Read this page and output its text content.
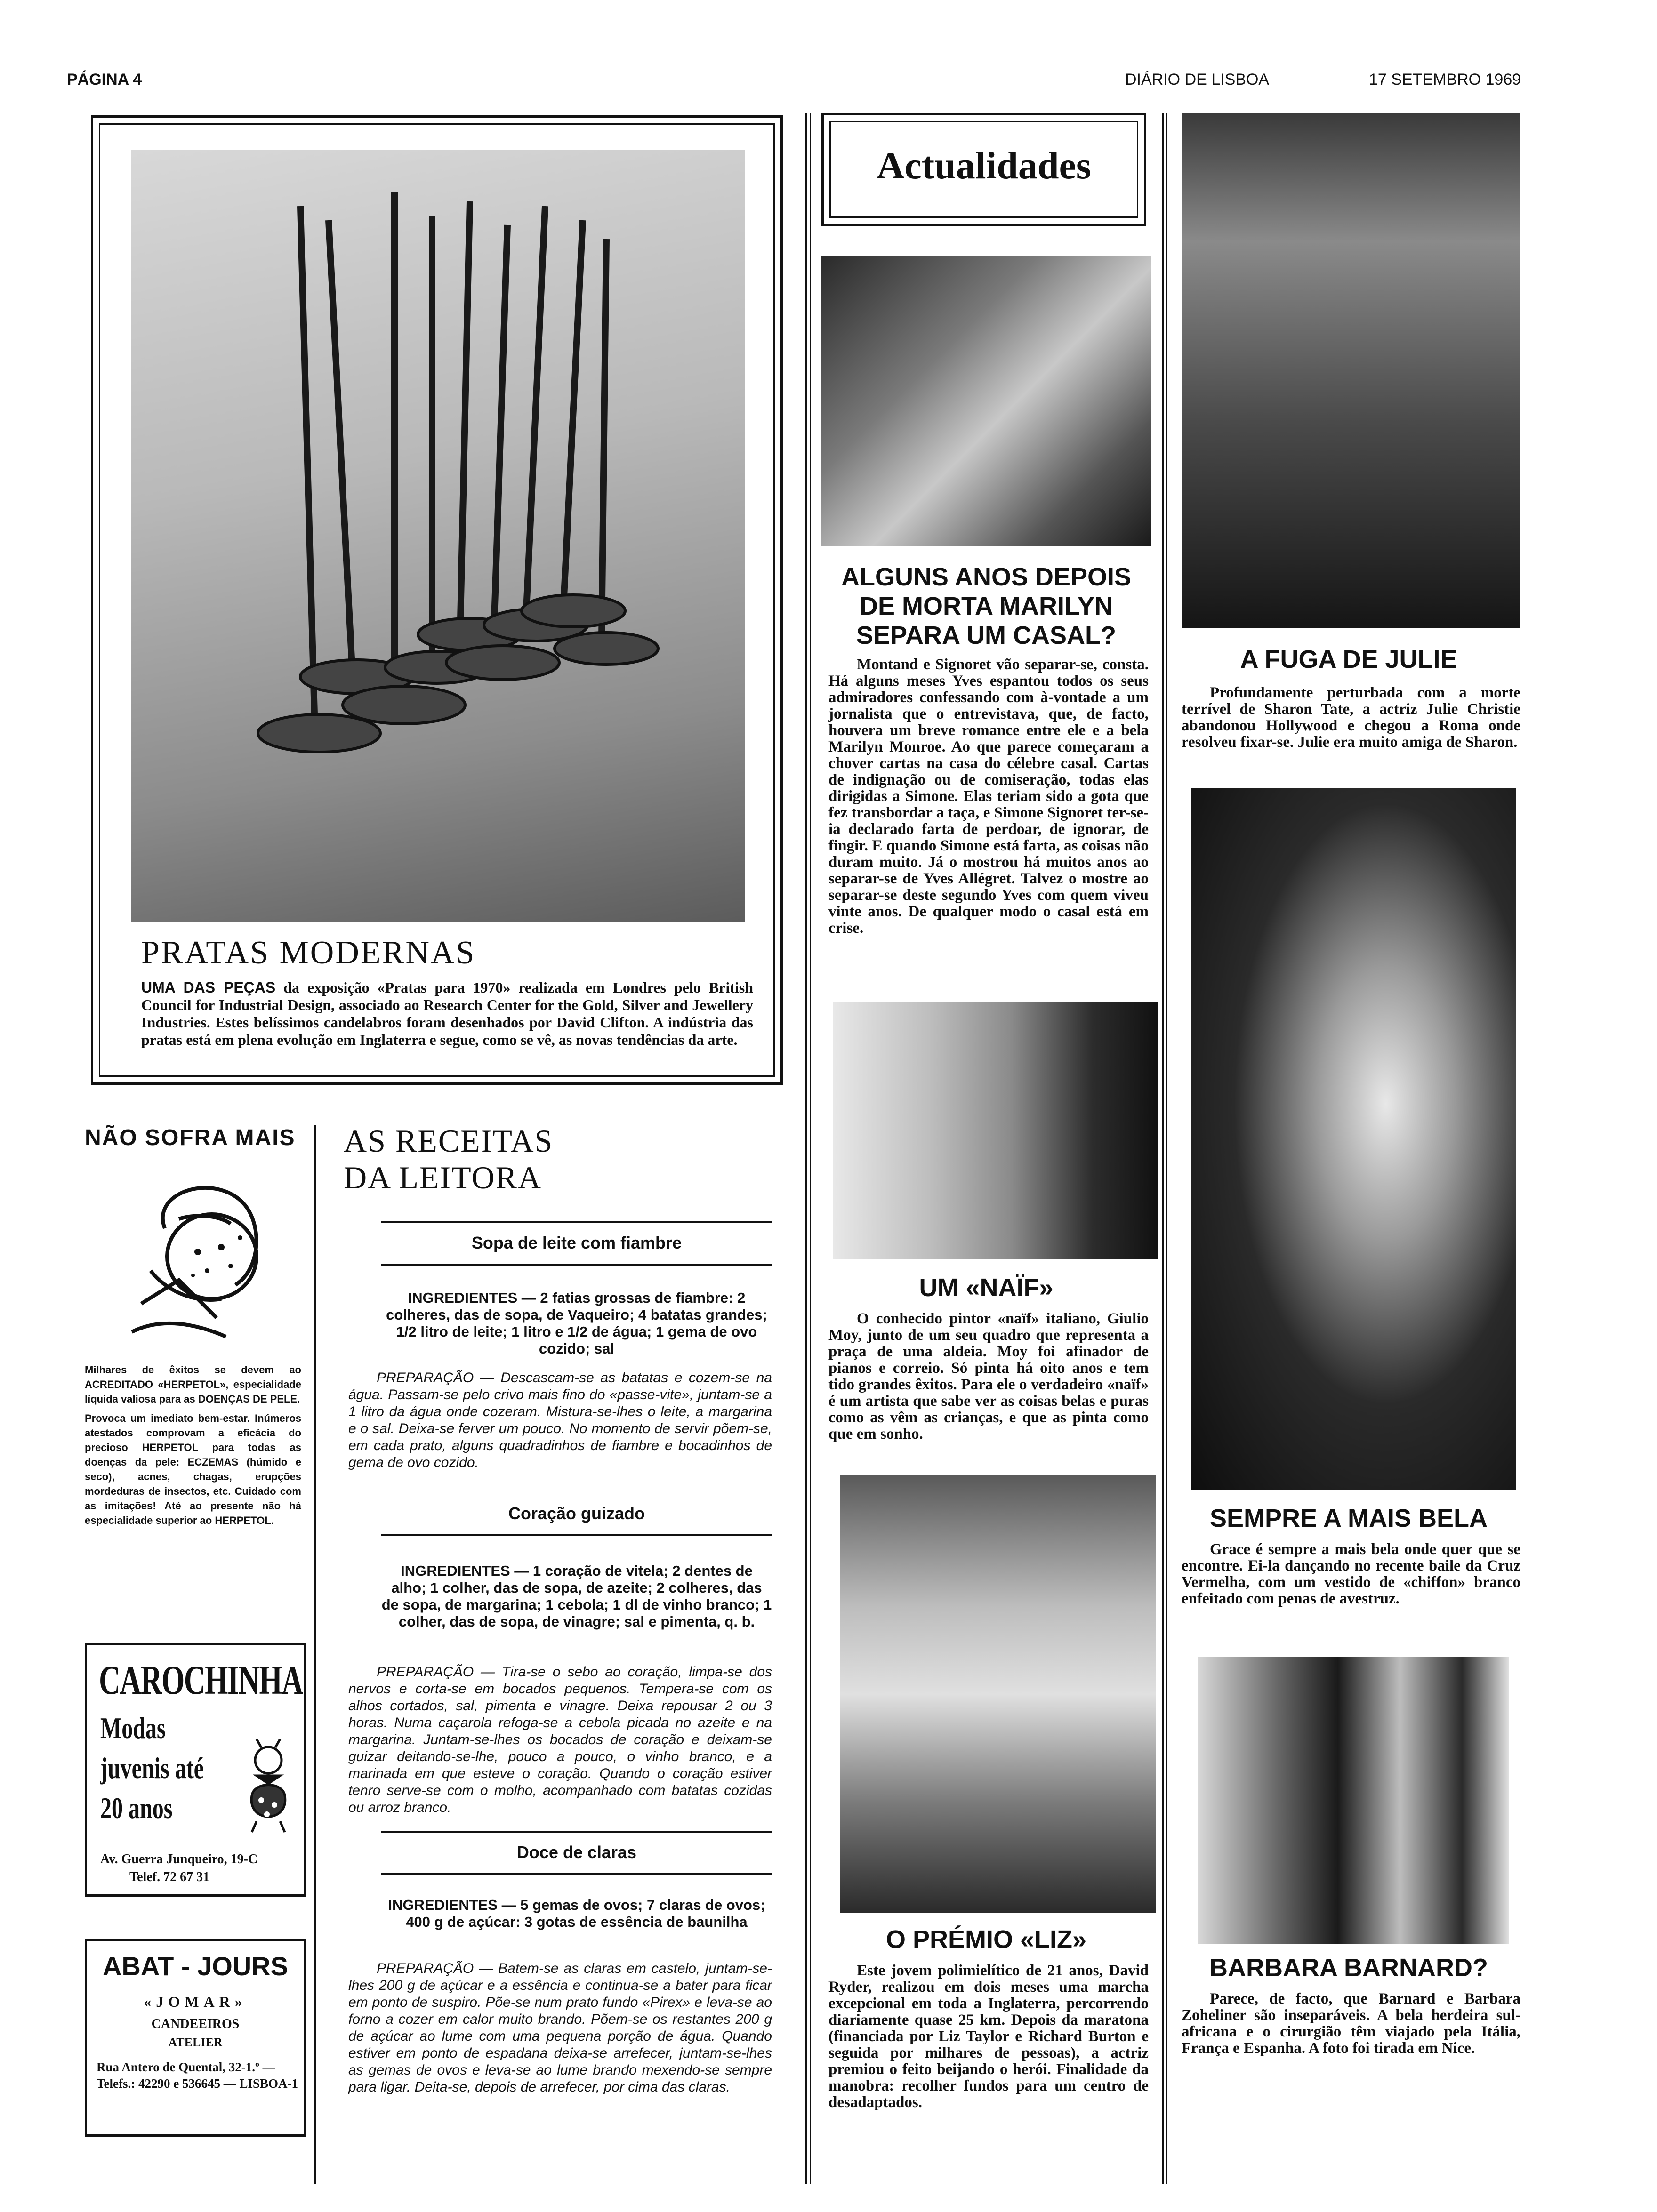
PÁGINA 4	DIÁRIO DE LISBOA	17 SETEMBRO 1969
PRATAS MODERNAS
UMA DAS PEÇAS da exposição «Pratas para 1970» realizada em Londres pelo British Council for Industrial Design, associado ao Research Center for the Gold, Silver and Jewellery Industries. Estes belíssimos candelabros foram desenhados por David Clifton. A indústria das pratas está em plena evolução em Inglaterra e segue, como se vê, as novas tendências da arte.
NÃO SOFRA MAIS
Milhares de êxitos se devem ao ACREDITADO «HERPETOL», especialidade líquida valiosa para as DOENÇAS DE PELE.
Provoca um imediato bem-estar. Inúmeros atestados comprovam a eficácia do precioso HERPETOL para todas as doenças da pele: ECZEMAS (húmido e seco), acnes, chagas, erupções mordeduras de insectos, etc. Cuidado com as imitações! Até ao presente não há especialidade superior ao HERPETOL.
CAROCHINHA
Modas
juvenis até
20 anos
Av. Guerra Junqueiro, 19-C
Telef. 72 67 31
ABAT - JOURS
«JOMAR»
CANDEEIROS
ATELIER
Rua Antero de Quental, 32-1.º — Telefs.: 42290 e 536645 — LISBOA-1
AS RECEITAS
DA LEITORA
Sopa de leite com fiambre
INGREDIENTES — 2 fatias grossas de fiambre: 2 colheres, das de sopa, de Vaqueiro; 4 batatas grandes; 1/2 litro de leite; 1 litro e 1/2 de água; 1 gema de ovo cozido; sal
PREPARAÇÃO — Descascam-se as batatas e cozem-se na água. Passam-se pelo crivo mais fino do «passe-vite», juntam-se a 1 litro da água onde cozeram. Mistura-se-lhes o leite, a margarina e o sal. Deixa-se ferver um pouco. No momento de servir põem-se, em cada prato, alguns quadradinhos de fiambre e bocadinhos de gema de ovo cozido.
Coração guizado
INGREDIENTES — 1 coração de vitela; 2 dentes de alho; 1 colher, das de sopa, de azeite; 2 colheres, das de sopa, de margarina; 1 cebola; 1 dl de vinho branco; 1 colher, das de sopa, de vinagre; sal e pimenta, q. b.
PREPARAÇÃO — Tira-se o sebo ao coração, limpa-se dos nervos e corta-se em bocados pequenos. Tempera-se com os alhos cortados, sal, pimenta e vinagre. Deixa repousar 2 ou 3 horas. Numa caçarola refoga-se a cebola picada no azeite e na margarina. Juntam-se-lhes os bocados de coração e deixam-se guizar deitando-se-lhe, pouco a pouco, o vinho branco, e a marinada em que esteve o coração. Quando o coração estiver tenro serve-se com o molho, acompanhado com batatas cozidas ou arroz branco.
Doce de claras
INGREDIENTES — 5 gemas de ovos; 7 claras de ovos; 400 g de açúcar: 3 gotas de essência de baunilha
PREPARAÇÃO — Batem-se as claras em castelo, juntam-se-lhes 200 g de açúcar e a essência e continua-se a bater para ficar em ponto de suspiro. Põe-se num prato fundo «Pirex» e leva-se ao forno a cozer em calor muito brando. Põem-se os restantes 200 g de açúcar ao lume com uma pequena porção de água. Quando estiver em ponto de espadana deixa-se arrefecer, juntam-se-lhes as gemas de ovos e leva-se ao lume brando mexendo-se sempre para ligar. Deita-se, depois de arrefecer, por cima das claras.
Actualidades
ALGUNS ANOS DEPOIS DE MORTA MARILYN SEPARA UM CASAL?
Montand e Signoret vão separar-se, consta. Há alguns meses Yves espantou todos os seus admiradores confessando com à-vontade a um jornalista que o entrevistava, que, de facto, houvera um breve romance entre ele e a bela Marilyn Monroe. Ao que parece começaram a chover cartas na casa do célebre casal. Cartas de indignação ou de comiseração, todas elas dirigidas a Simone. Elas teriam sido a gota que fez transbordar a taça, e Simone Signoret ter-se-ia declarado farta de perdoar, de ignorar, de fingir. E quando Simone está farta, as coisas não duram muito. Já o mostrou há muitos anos ao separar-se de Yves Allégret. Talvez o mostre ao separar-se deste segundo Yves com quem viveu vinte anos. De qualquer modo o casal está em crise.
UM «NAÏF»
O conhecido pintor «naïf» italiano, Giulio Moy, junto de um seu quadro que representa a praça de uma aldeia. Moy foi afinador de pianos e correio. Só pinta há oito anos e tem tido grandes êxitos. Para ele o verdadeiro «naïf» é um artista que sabe ver as coisas belas e puras como as vêm as crianças, e que as pinta como que em sonho.
O PRÉMIO «LIZ»
Este jovem polimielítico de 21 anos, David Ryder, realizou em dois meses uma marcha excepcional em toda a Inglaterra, percorrendo diariamente quase 25 km. Depois da maratona (financiada por Liz Taylor e Richard Burton e seguida por milhares de pessoas), a actriz premiou o feito beijando o herói. Finalidade da manobra: recolher fundos para um centro de desadaptados.
A FUGA DE JULIE
Profundamente perturbada com a morte terrível de Sharon Tate, a actriz Julie Christie abandonou Hollywood e chegou a Roma onde resolveu fixar-se. Julie era muito amiga de Sharon.
SEMPRE A MAIS BELA
Grace é sempre a mais bela onde quer que se encontre. Ei-la dançando no recente baile da Cruz Vermelha, com um vestido de «chiffon» branco enfeitado com penas de avestruz.
BARBARA BARNARD?
Parece, de facto, que Barnard e Barbara Zoheliner são inseparáveis. A bela herdeira sul-africana e o cirurgião têm viajado pela Itália, França e Espanha. A foto foi tirada em Nice.
